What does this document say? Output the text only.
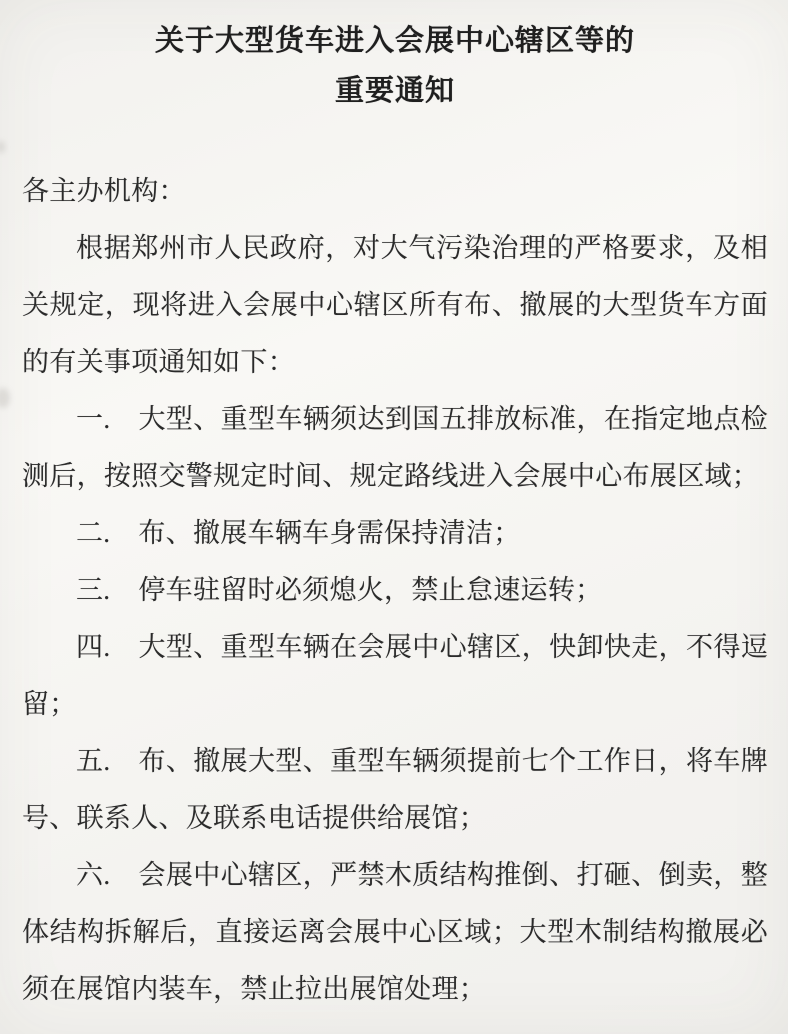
关于大型货车进入会展中心辖区等的
重要通知

各主办机构：

根据郑州市人民政府，对大气污染治理的严格要求，及相关规定，现将进入会展中心辖区所有布、撤展的大型货车方面的有关事项通知如下：

一. 大型、重型车辆须达到国五排放标准，在指定地点检测后，按照交警规定时间、规定路线进入会展中心布展区域；

二. 布、撤展车辆车身需保持清洁；

三. 停车驻留时必须熄火，禁止怠速运转；

四. 大型、重型车辆在会展中心辖区，快卸快走，不得逗留；

五. 布、撤展大型、重型车辆须提前七个工作日，将车牌号、联系人、及联系电话提供给展馆；

六. 会展中心辖区，严禁木质结构推倒、打砸、倒卖，整体结构拆解后，直接运离会展中心区域；大型木制结构撤展必须在展馆内装车，禁止拉出展馆处理；
